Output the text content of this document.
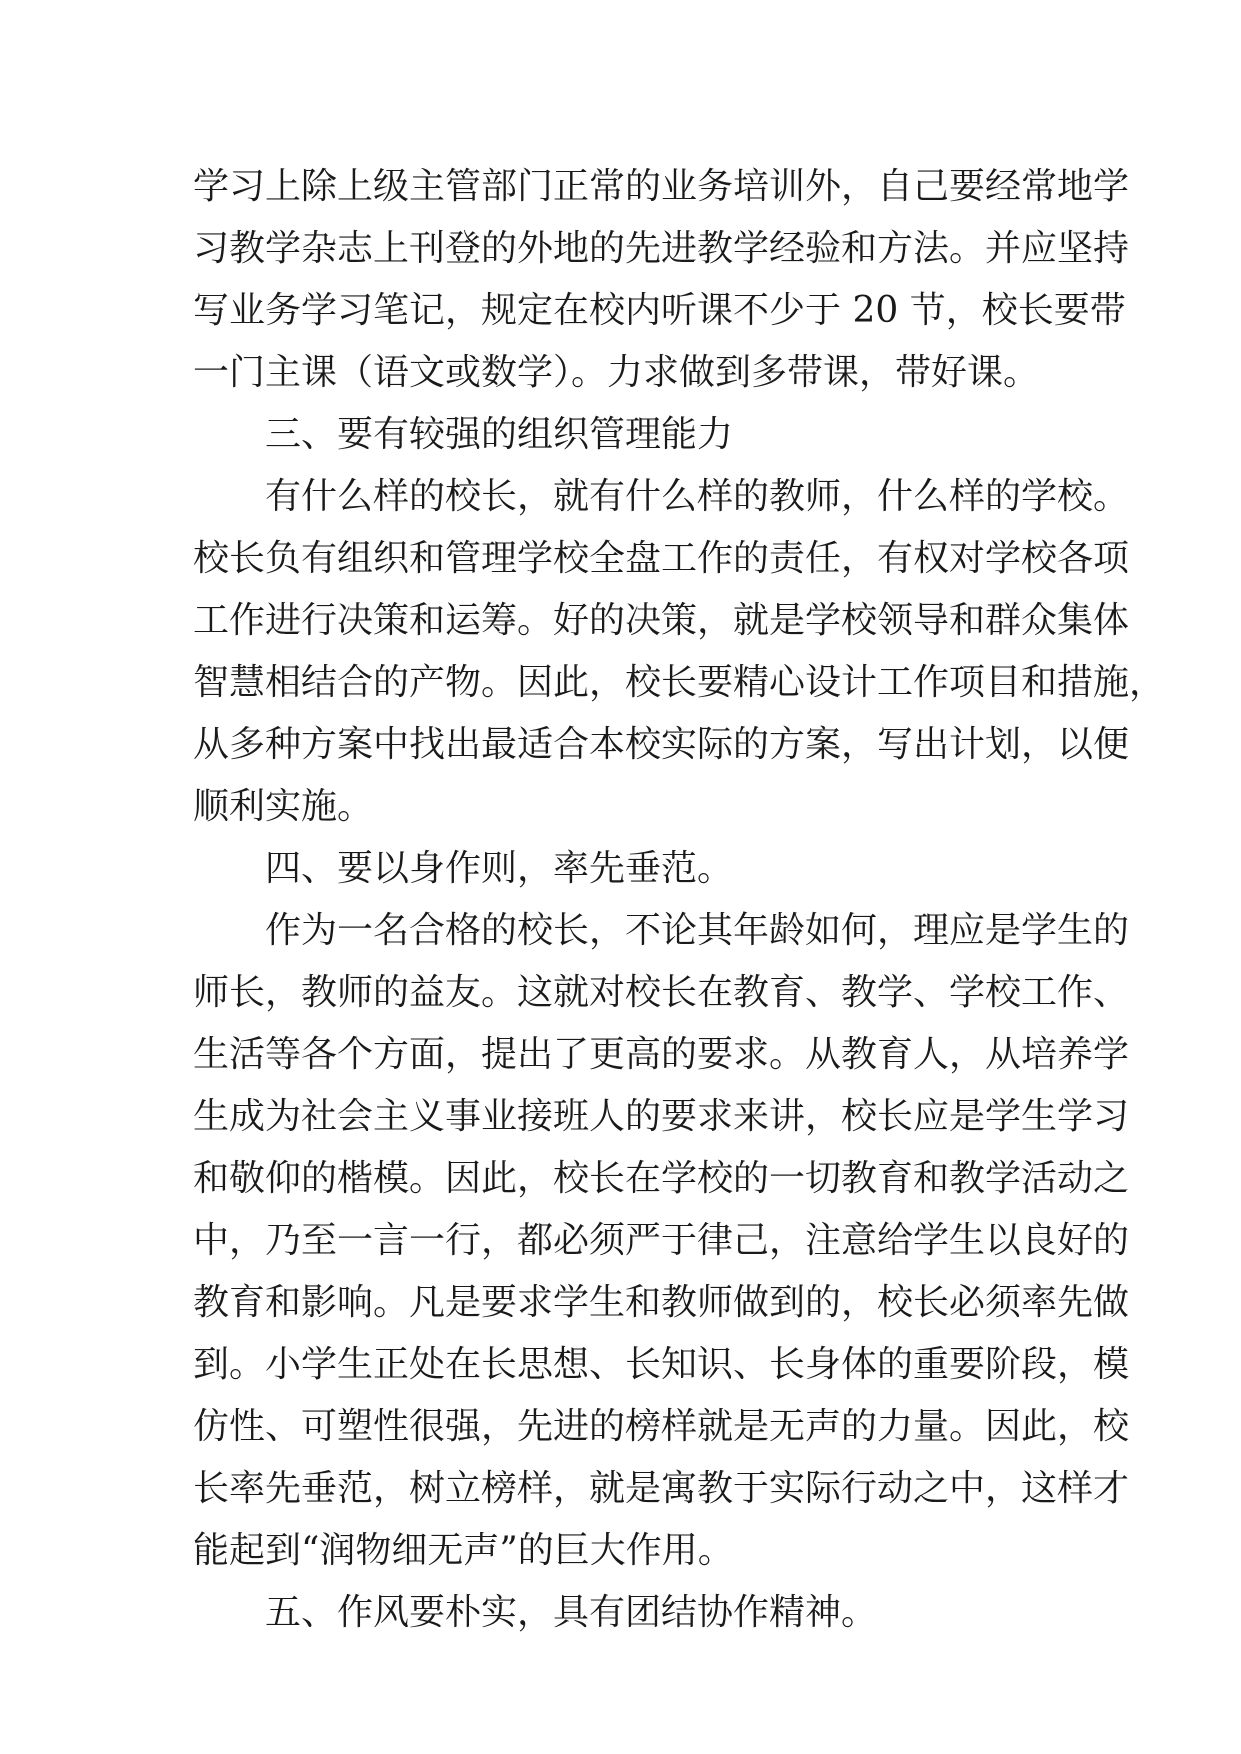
学习上除上级主管部门正常的业务培训外，自己要经常地学
习教学杂志上刊登的外地的先进教学经验和方法。并应坚持
写业务学习笔记，规定在校内听课不少于 20 节，校长要带
一门主课（语文或数学）。力求做到多带课，带好课。
三、要有较强的组织管理能力
有什么样的校长，就有什么样的教师，什么样的学校。
校长负有组织和管理学校全盘工作的责任，有权对学校各项
工作进行决策和运筹。好的决策，就是学校领导和群众集体
智慧相结合的产物。因此，校长要精心设计工作项目和措施，
从多种方案中找出最适合本校实际的方案，写出计划，以便
顺利实施。
四、要以身作则，率先垂范。
作为一名合格的校长，不论其年龄如何，理应是学生的
师长，教师的益友。这就对校长在教育、教学、学校工作、
生活等各个方面，提出了更高的要求。从教育人，从培养学
生成为社会主义事业接班人的要求来讲，校长应是学生学习
和敬仰的楷模。因此，校长在学校的一切教育和教学活动之
中，乃至一言一行，都必须严于律己，注意给学生以良好的
教育和影响。凡是要求学生和教师做到的，校长必须率先做
到。小学生正处在长思想、长知识、长身体的重要阶段，模
仿性、可塑性很强，先进的榜样就是无声的力量。因此，校
长率先垂范，树立榜样，就是寓教于实际行动之中，这样才
能起到“润物细无声”的巨大作用。
五、作风要朴实，具有团结协作精神。
